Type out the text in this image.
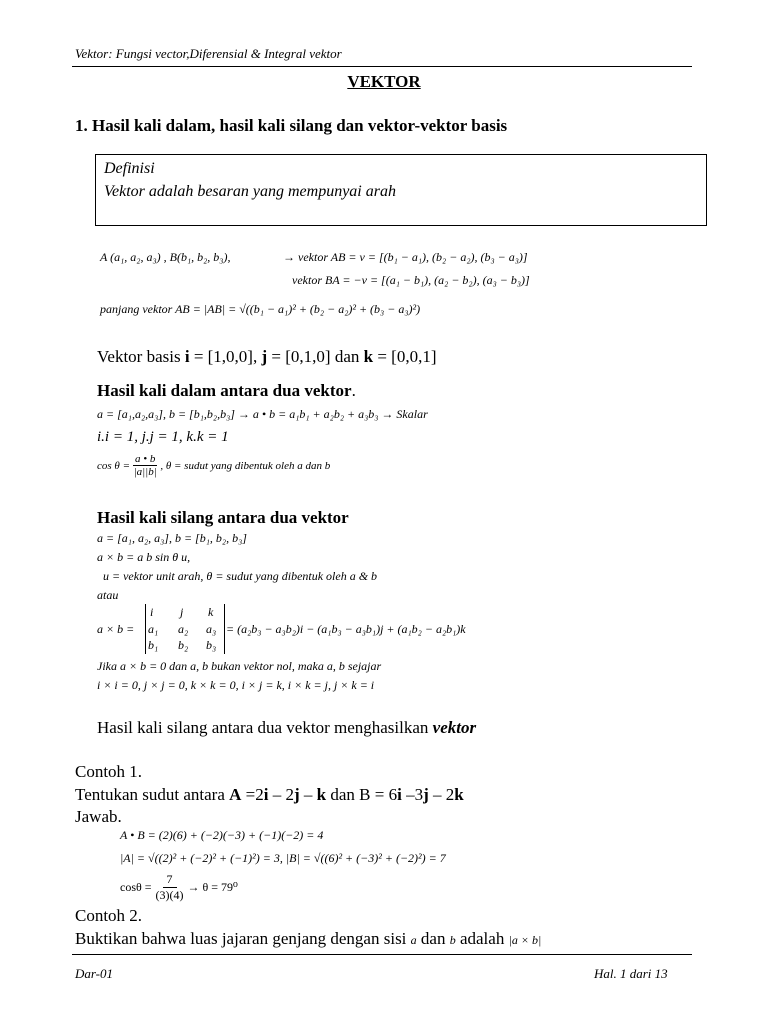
Vektor: Fungsi vector,Diferensial & Integral vektor
VEKTOR
1. Hasil kali dalam, hasil kali silang dan vektor-vektor basis
Definisi
Vektor adalah besaran yang mempunyai arah
A (a₁, a₂, a₃) , B(b₁, b₂, b₃),	→ vektor AB = v = [(b₁ − a₁), (b₂ − a₂), (b₃ − a₃)]
vektor BA = −v = [(a₁ − b₁), (a₂ − b₂), (a₃ − b₃)]
panjang vektor AB = |AB| = √((b₁ − a₁)² + (b₂ − a₂)² + (b₃ − a₃)²)
Vektor basis i = [1,0,0], j = [0,1,0] dan k = [0,0,1]
Hasil kali dalam antara dua vektor.
a = [a₁,a₂,a₃], b = [b₁,b₂,b₃] → a • b = a₁b₁ + a₂b₂ + a₃b₃ → Skalar
i.i = 1, j.j = 1, k.k = 1
$\cos \theta = \frac{a • b}{|a||b|}$ , θ = sudut yang dibentuk oleh a dan b
Hasil kali silang antara dua vektor
a = [a₁, a₂, a₃], b = [b₁, b₂, b₃]
a × b = a b sin θ u,
u = vektor unit arah, θ = sudut yang dibentuk oleh a & b
atau
a × b =
i j k
a₁ a₂ a₃
b₁ b₂ b₃
= (a₂b₃ − a₃b₂)i − (a₁b₃ − a₃b₁)j + (a₁b₂ − a₂b₁)k
Jika a × b = 0 dan a, b bukan vektor nol, maka a, b sejajar
i × i = 0, j × j = 0, k × k = 0, i × j = k, i × k = j, j × k = i
Hasil kali silang antara dua vektor menghasilkan vektor
Contoh 1.
Tentukan sudut antara A =2i – 2j – k dan B = 6i –3j – 2k
Jawab.
A • B = (2)(6) + (−2)(−3) + (−1)(−2) = 4
|A| = √((2)² + (−2)² + (−1)²) = 3, |B| = √((6)² + (−3)² + (−2)²) = 7
$\cos\theta = \frac{7}{(3)(4)} \to \theta = 79^0$
Contoh 2.
Buktikan bahwa luas jajaran genjang dengan sisi a dan b adalah |a × b|
Dar-01	Hal. 1 dari 13
